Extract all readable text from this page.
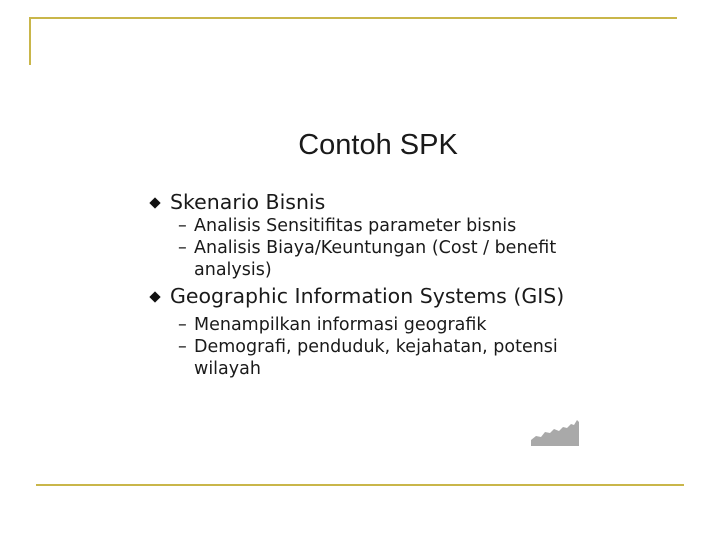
Contoh SPK
Skenario Bisnis
– Analisis Sensitifitas parameter bisnis
– Analisis Biaya/Keuntungan (Cost / benefit analysis)
Geographic Information Systems (GIS)
– Menampilkan informasi geografik
– Demografi, penduduk, kejahatan, potensi wilayah
